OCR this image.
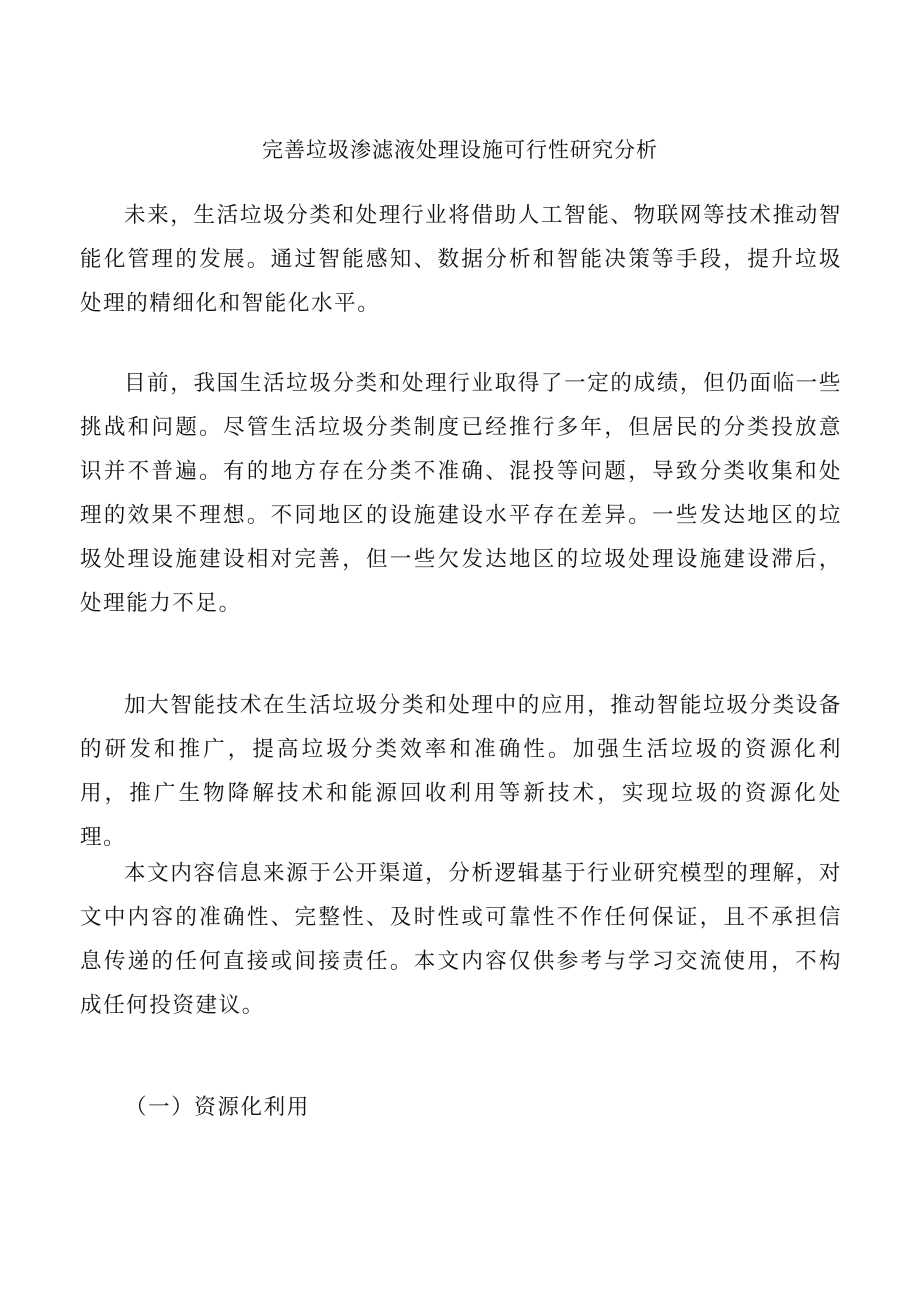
完善垃圾渗滤液处理设施可行性研究分析

未来，生活垃圾分类和处理行业将借助人工智能、物联网等技术推动智能化管理的发展。通过智能感知、数据分析和智能决策等手段，提升垃圾处理的精细化和智能化水平。

目前，我国生活垃圾分类和处理行业取得了一定的成绩，但仍面临一些挑战和问题。尽管生活垃圾分类制度已经推行多年，但居民的分类投放意识并不普遍。有的地方存在分类不准确、混投等问题，导致分类收集和处理的效果不理想。不同地区的设施建设水平存在差异。一些发达地区的垃圾处理设施建设相对完善，但一些欠发达地区的垃圾处理设施建设滞后，处理能力不足。

加大智能技术在生活垃圾分类和处理中的应用，推动智能垃圾分类设备的研发和推广，提高垃圾分类效率和准确性。加强生活垃圾的资源化利用，推广生物降解技术和能源回收利用等新技术，实现垃圾的资源化处理。

本文内容信息来源于公开渠道，分析逻辑基于行业研究模型的理解，对文中内容的准确性、完整性、及时性或可靠性不作任何保证，且不承担信息传递的任何直接或间接责任。本文内容仅供参考与学习交流使用，不构成任何投资建议。

（一）资源化利用
